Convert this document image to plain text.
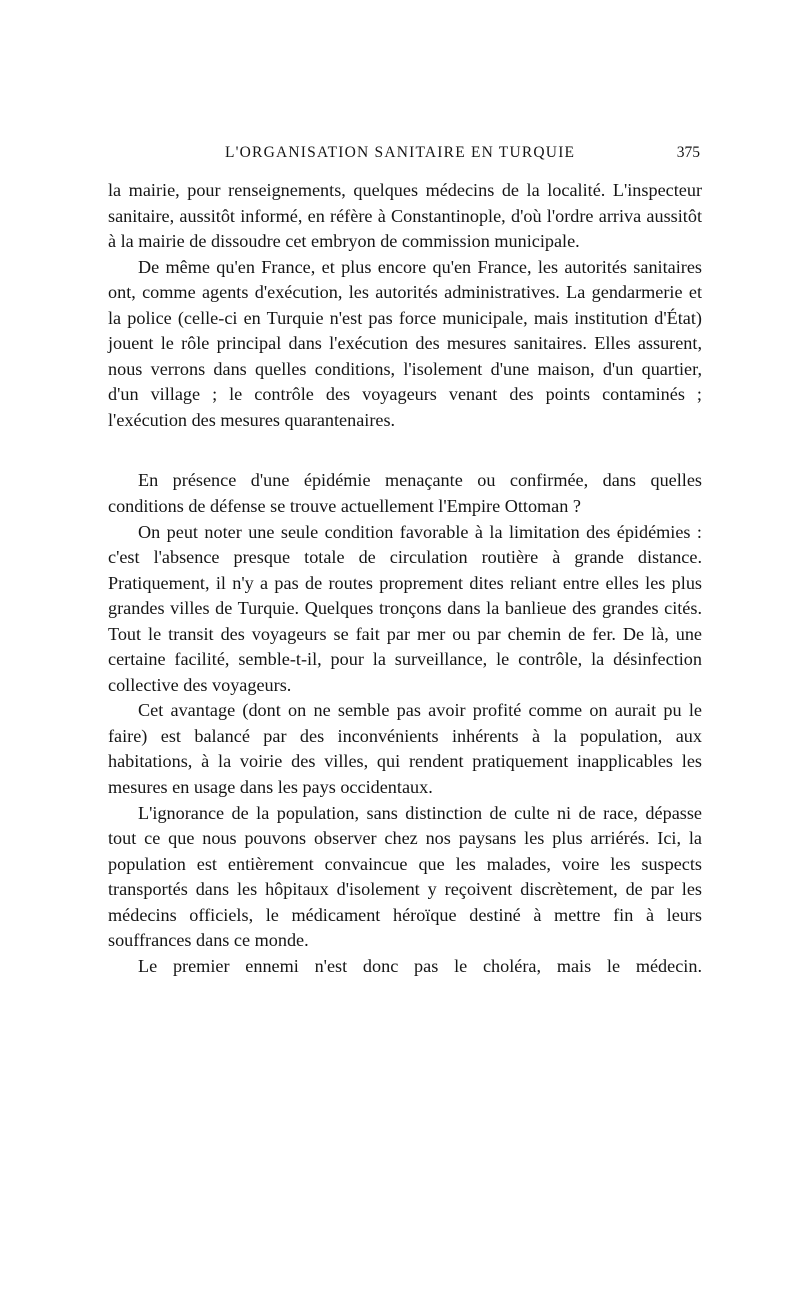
L'ORGANISATION SANITAIRE EN TURQUIE	375

la mairie, pour renseignements, quelques médecins de la localité. L'inspecteur sanitaire, aussitôt informé, en réfère à Constantinople, d'où l'ordre arriva aussitôt à la mairie de dissoudre cet embryon de commission municipale.

De même qu'en France, et plus encore qu'en France, les autorités sanitaires ont, comme agents d'exécution, les autorités administratives. La gendarmerie et la police (celle-ci en Turquie n'est pas force municipale, mais institution d'État) jouent le rôle principal dans l'exécution des mesures sanitaires. Elles assurent, nous verrons dans quelles conditions, l'isolement d'une maison, d'un quartier, d'un village ; le contrôle des voyageurs venant des points contaminés ; l'exécution des mesures quarantenaires.

En présence d'une épidémie menaçante ou confirmée, dans quelles conditions de défense se trouve actuellement l'Empire Ottoman ?

On peut noter une seule condition favorable à la limitation des épidémies : c'est l'absence presque totale de circulation routière à grande distance. Pratiquement, il n'y a pas de routes proprement dites reliant entre elles les plus grandes villes de Turquie. Quelques tronçons dans la banlieue des grandes cités. Tout le transit des voyageurs se fait par mer ou par chemin de fer. De là, une certaine facilité, semble-t-il, pour la surveillance, le contrôle, la désinfection collective des voyageurs.

Cet avantage (dont on ne semble pas avoir profité comme on aurait pu le faire) est balancé par des inconvénients inhérents à la population, aux habitations, à la voirie des villes, qui rendent pratiquement inapplicables les mesures en usage dans les pays occidentaux.

L'ignorance de la population, sans distinction de culte ni de race, dépasse tout ce que nous pouvons observer chez nos paysans les plus arriérés. Ici, la population est entièrement convaincue que les malades, voire les suspects transportés dans les hôpitaux d'isolement y reçoivent discrètement, de par les médecins officiels, le médicament héroïque destiné à mettre fin à leurs souffrances dans ce monde.

Le premier ennemi n'est donc pas le choléra, mais le médecin.
